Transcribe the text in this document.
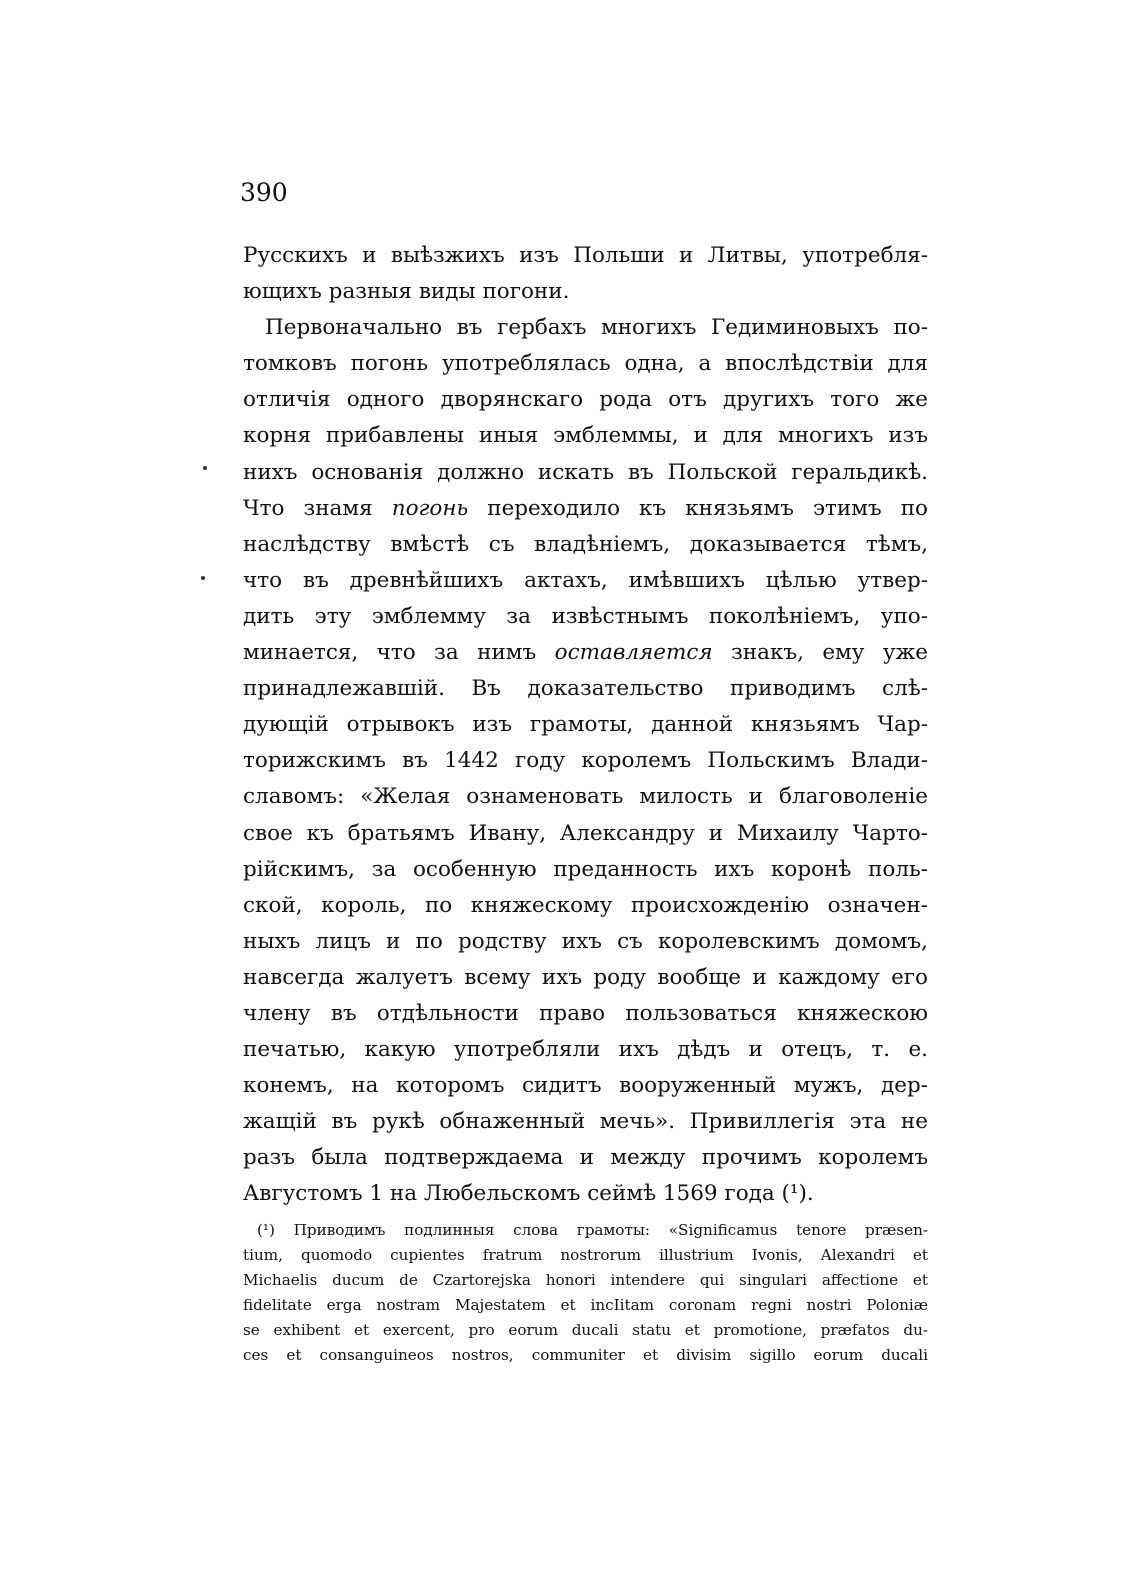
390
Русскихъ и выѣзжихъ изъ Польши и Литвы, употребля-
ющихъ разныя виды погони.
Первоначально въ гербахъ многихъ Гедиминовыхъ по-
томковъ погонь употреблялась одна, а впослѣдствіи для
отличія одного дворянскаго рода отъ другихъ того же
корня прибавлены иныя эмблеммы, и для многихъ изъ
нихъ основанія должно искать въ Польской геральдикѣ.
Что знамя погонь переходило къ князьямъ этимъ по
наслѣдству вмѣстѣ съ владѣніемъ, доказывается тѣмъ,
что въ древнѣйшихъ актахъ, имѣвшихъ цѣлью утвер-
дить эту эмблемму за извѣстнымъ поколѣніемъ, упо-
минается, что за нимъ оставляется знакъ, ему уже
принадлежавшій. Въ доказательство приводимъ слѣ-
дующій отрывокъ изъ грамоты, данной князьямъ Чар-
торижскимъ въ 1442 году королемъ Польскимъ Влади-
славомъ: «Желая ознаменовать милость и благоволеніе
свое къ братьямъ Ивану, Александру и Михаилу Чарто-
рійскимъ, за особенную преданность ихъ коронѣ поль-
ской, король, по княжескому происхожденію означен-
ныхъ лицъ и по родству ихъ съ королевскимъ домомъ,
навсегда жалуетъ всему ихъ роду вообще и каждому его
члену въ отдѣльности право пользоваться княжескою
печатью, какую употребляли ихъ дѣдъ и отецъ, т. е.
конемъ, на которомъ сидитъ вооруженный мужъ, дер-
жащій въ рукѣ обнаженный мечь». Привиллегія эта не
разъ была подтверждаема и между прочимъ королемъ
Августомъ 1 на Любельскомъ сеймѣ 1569 года (¹).
(¹) Приводимъ подлинныя слова грамоты: «Significamus tenore præsen-
tium, quomodo cupientes fratrum nostrorum illustrium Ivonis, Alexandri et
Michaelis ducum de Czartorejska honori intendere qui singulari affectione et
fidelitate erga nostram Majestatem et incIitam coronam regni nostri Poloniæ
se exhibent et exercent, pro eorum ducali statu et promotione, præfatos du-
ces et consanguineos nostros, communiter et divisim sigillo eorum ducali
